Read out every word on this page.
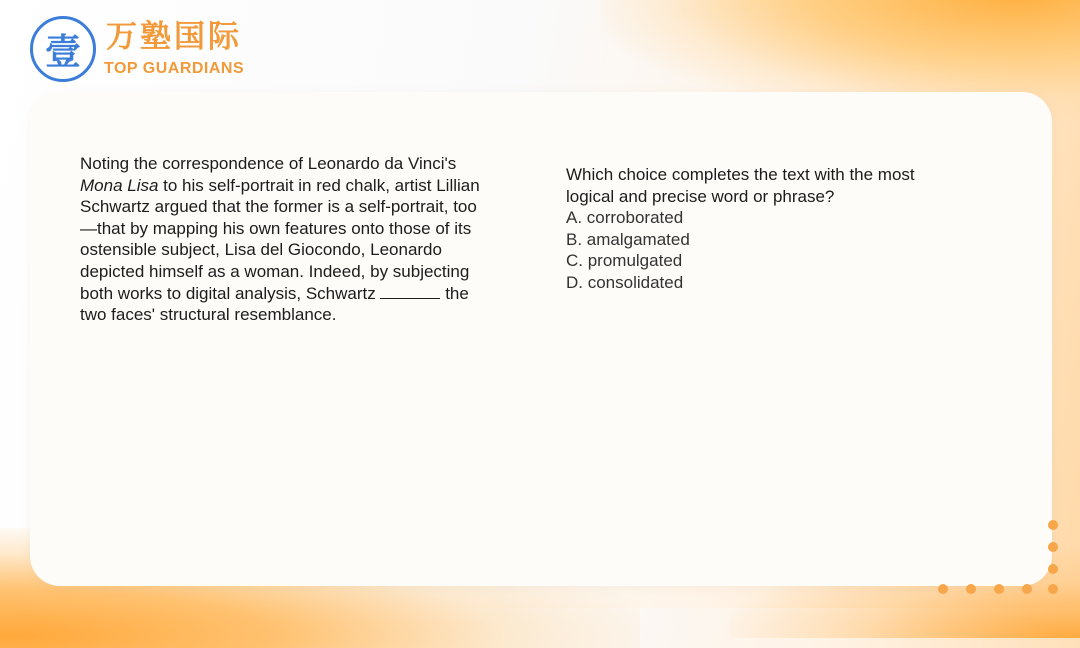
壹 万塾国际
TOP GUARDIANS
Noting the correspondence of Leonardo da Vinci's Mona Lisa to his self-portrait in red chalk, artist Lillian Schwartz argued that the former is a self-portrait, too—that by mapping his own features onto those of its ostensible subject, Lisa del Giocondo, Leonardo depicted himself as a woman. Indeed, by subjecting both works to digital analysis, Schwartz	the two faces' structural resemblance.
Which choice completes the text with the most logical and precise word or phrase?
A. corroborated
B. amalgamated
C. promulgated
D. consolidated
